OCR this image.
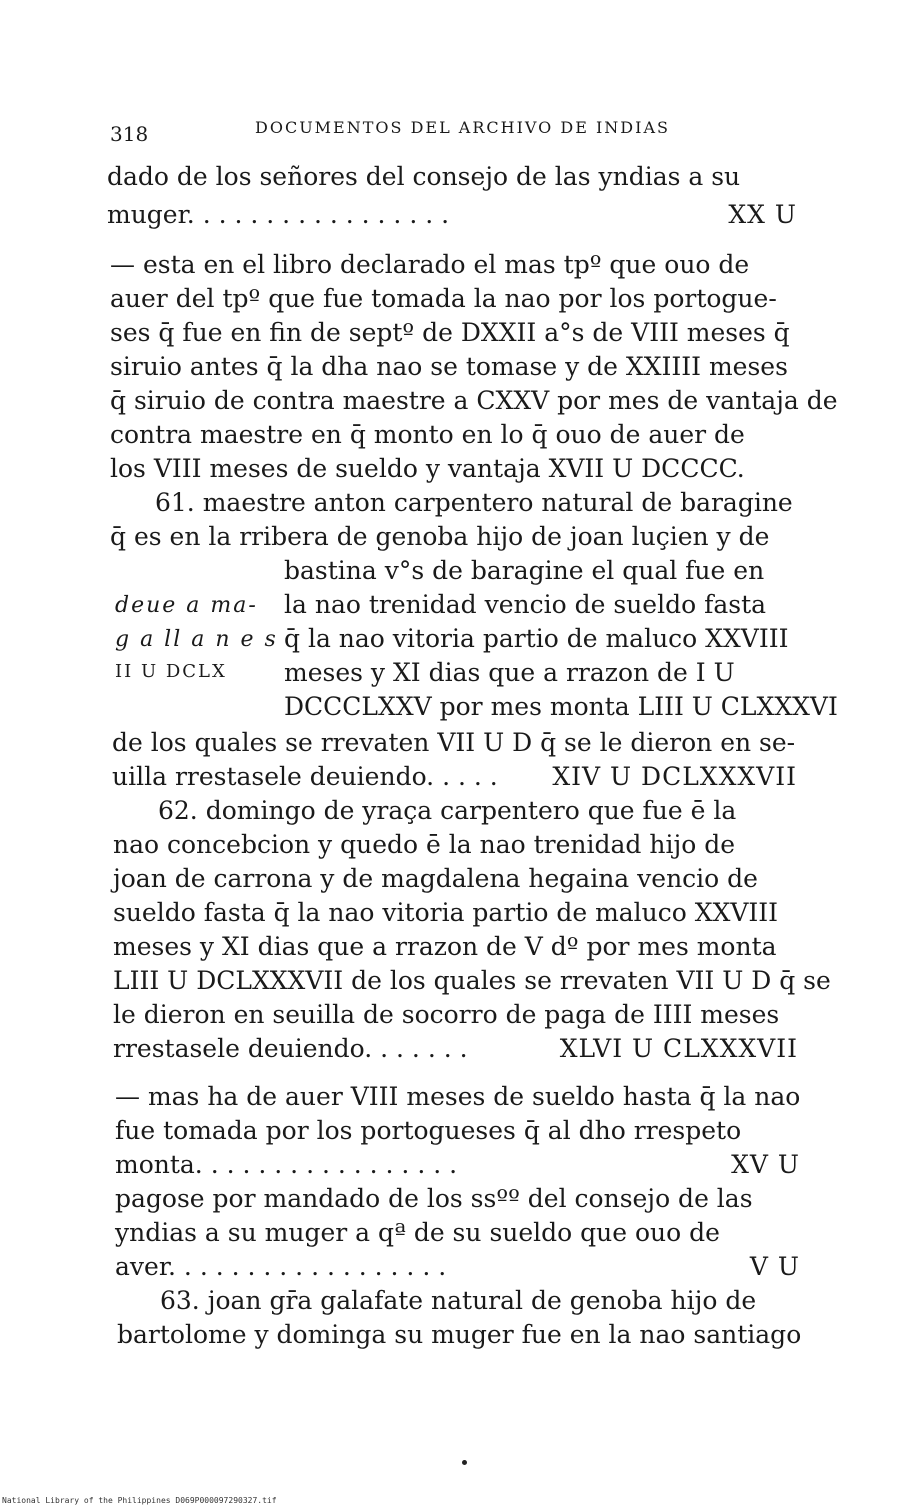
318	DOCUMENTOS DEL ARCHIVO DE INDIAS
dado de los señores del consejo de las yndias a su
muger. . . . . . . . . . . . . . . . .	XX U
— esta en el libro declarado el mas tpº que ouo de
auer del tpº que fue tomada la nao por los portogue-
ses q̄ fue en fin de septº de DXXII a°s de VIII meses q̄
siruio antes q̄ la dha nao se tomase y de XXIIII meses
q̄ siruio de contra maestre a CXXV por mes de vantaja de
contra maestre en q̄ monto en lo q̄ ouo de auer de
los VIII meses de sueldo y vantaja XVII U DCCCC.
61. maestre anton carpentero natural de baragine
q̄ es en la rribera de genoba hijo de joan luçien y de
bastina v°s de baragine el qual fue en
la nao trenidad vencio de sueldo fasta
q̄ la nao vitoria partio de maluco XXVIII
meses y XI dias que a rrazon de I U
DCCCLXXV por mes monta LIII U CLXXXVI
deue a ma-
g a ll a n e s
II U DCLX
de los quales se rrevaten VII U D q̄ se le dieron en se-
uilla rrestasele deuiendo. . . . . XIV U DCLXXXVII
62. domingo de yraça carpentero que fue ē la
nao concebcion y quedo ē la nao trenidad hijo de
joan de carrona y de magdalena hegaina vencio de
sueldo fasta q̄ la nao vitoria partio de maluco XXVIII
meses y XI dias que a rrazon de V dº por mes monta
LIII U DCLXXXVII de los quales se rrevaten VII U D q̄ se
le dieron en seuilla de socorro de paga de IIII meses
rrestasele deuiendo. . . . . . .	XLVI U CLXXXVII
— mas ha de auer VIII meses de sueldo hasta q̄ la nao
fue tomada por los portogueses q̄ al dho rrespeto
monta. . . . . . . . . . . . . . . . .	XV U
pagose por mandado de los ssºº del consejo de las
yndias a su muger a qª de su sueldo que ouo de
aver. . . . . . . . . . . . . . . . . .	V U
63. joan gr̄a galafate natural de genoba hijo de
bartolome y dominga su muger fue en la nao santiago
National Library of the Philippines D069P000097290327.tif
